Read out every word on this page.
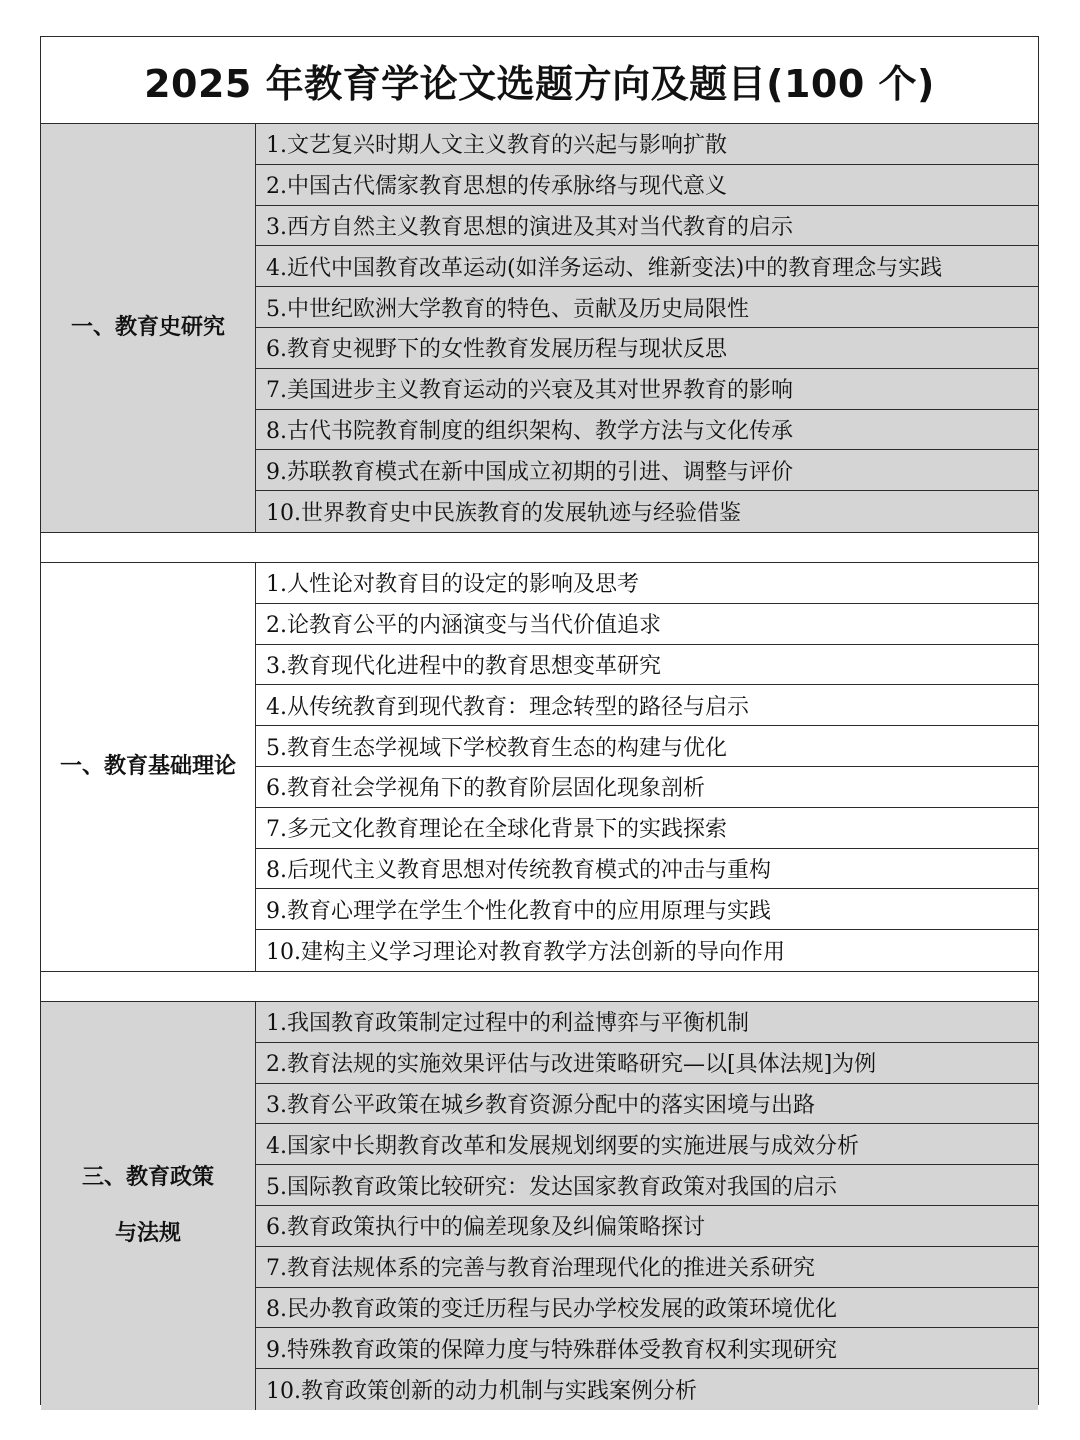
2025 年教育学论文选题方向及题目(100 个)
一、教育史研究
1.文艺复兴时期人文主义教育的兴起与影响扩散
2.中国古代儒家教育思想的传承脉络与现代意义
3.西方自然主义教育思想的演进及其对当代教育的启示
4.近代中国教育改革运动(如洋务运动、维新变法)中的教育理念与实践
5.中世纪欧洲大学教育的特色、贡献及历史局限性
6.教育史视野下的女性教育发展历程与现状反思
7.美国进步主义教育运动的兴衰及其对世界教育的影响
8.古代书院教育制度的组织架构、教学方法与文化传承
9.苏联教育模式在新中国成立初期的引进、调整与评价
10.世界教育史中民族教育的发展轨迹与经验借鉴
一、教育基础理论
1.人性论对教育目的设定的影响及思考
2.论教育公平的内涵演变与当代价值追求
3.教育现代化进程中的教育思想变革研究
4.从传统教育到现代教育：理念转型的路径与启示
5.教育生态学视域下学校教育生态的构建与优化
6.教育社会学视角下的教育阶层固化现象剖析
7.多元文化教育理论在全球化背景下的实践探索
8.后现代主义教育思想对传统教育模式的冲击与重构
9.教育心理学在学生个性化教育中的应用原理与实践
10.建构主义学习理论对教育教学方法创新的导向作用
三、教育政策
与法规
1.我国教育政策制定过程中的利益博弈与平衡机制
2.教育法规的实施效果评估与改进策略研究—以[具体法规]为例
3.教育公平政策在城乡教育资源分配中的落实困境与出路
4.国家中长期教育改革和发展规划纲要的实施进展与成效分析
5.国际教育政策比较研究：发达国家教育政策对我国的启示
6.教育政策执行中的偏差现象及纠偏策略探讨
7.教育法规体系的完善与教育治理现代化的推进关系研究
8.民办教育政策的变迁历程与民办学校发展的政策环境优化
9.特殊教育政策的保障力度与特殊群体受教育权利实现研究
10.教育政策创新的动力机制与实践案例分析
